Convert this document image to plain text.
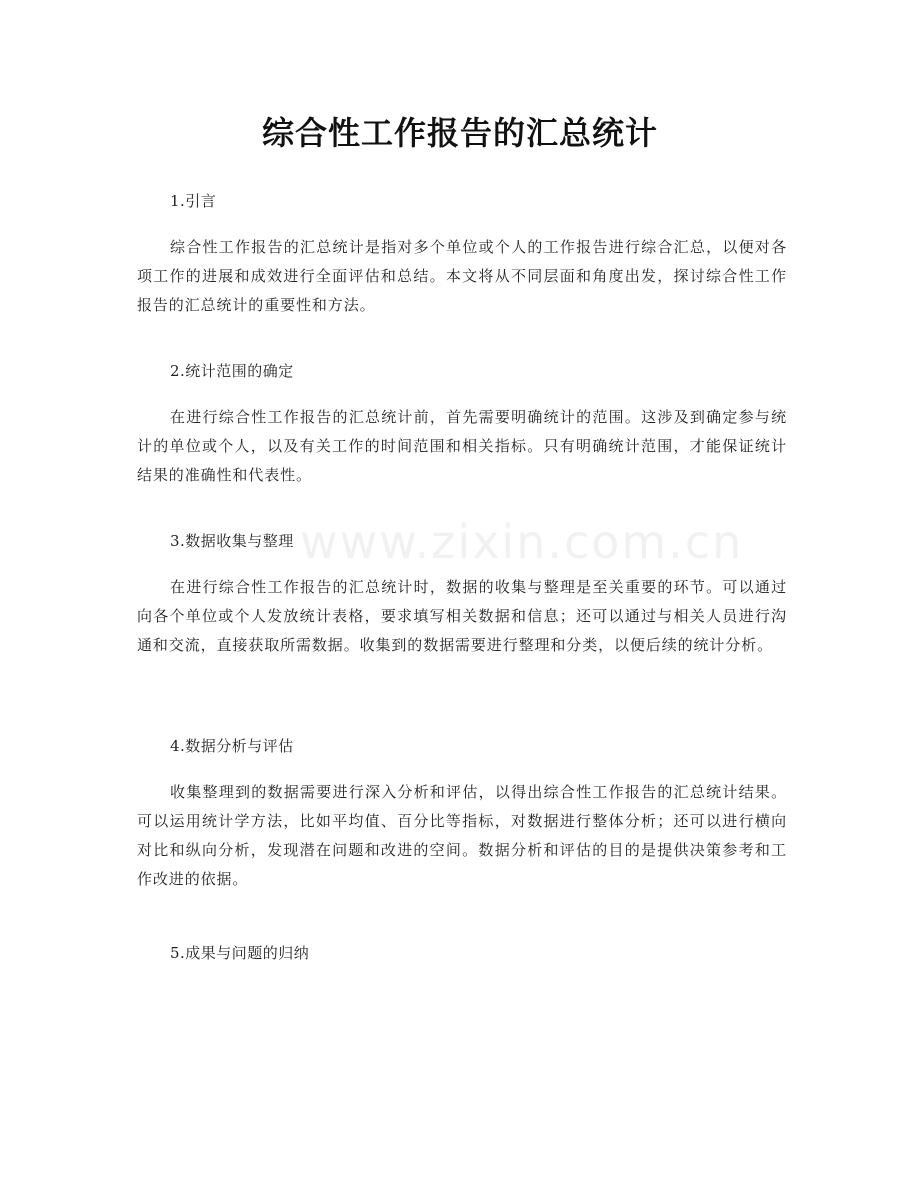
www.zixin.com.cn
综合性工作报告的汇总统计
1.引言
综合性工作报告的汇总统计是指对多个单位或个人的工作报告进行综合汇总，以便对各项工作的进展和成效进行全面评估和总结。本文将从不同层面和角度出发，探讨综合性工作报告的汇总统计的重要性和方法。
2.统计范围的确定
在进行综合性工作报告的汇总统计前，首先需要明确统计的范围。这涉及到确定参与统计的单位或个人，以及有关工作的时间范围和相关指标。只有明确统计范围，才能保证统计结果的准确性和代表性。
3.数据收集与整理
在进行综合性工作报告的汇总统计时，数据的收集与整理是至关重要的环节。可以通过向各个单位或个人发放统计表格，要求填写相关数据和信息；还可以通过与相关人员进行沟通和交流，直接获取所需数据。收集到的数据需要进行整理和分类，以便后续的统计分析。
4.数据分析与评估
收集整理到的数据需要进行深入分析和评估，以得出综合性工作报告的汇总统计结果。可以运用统计学方法，比如平均值、百分比等指标，对数据进行整体分析；还可以进行横向对比和纵向分析，发现潜在问题和改进的空间。数据分析和评估的目的是提供决策参考和工作改进的依据。
5.成果与问题的归纳
